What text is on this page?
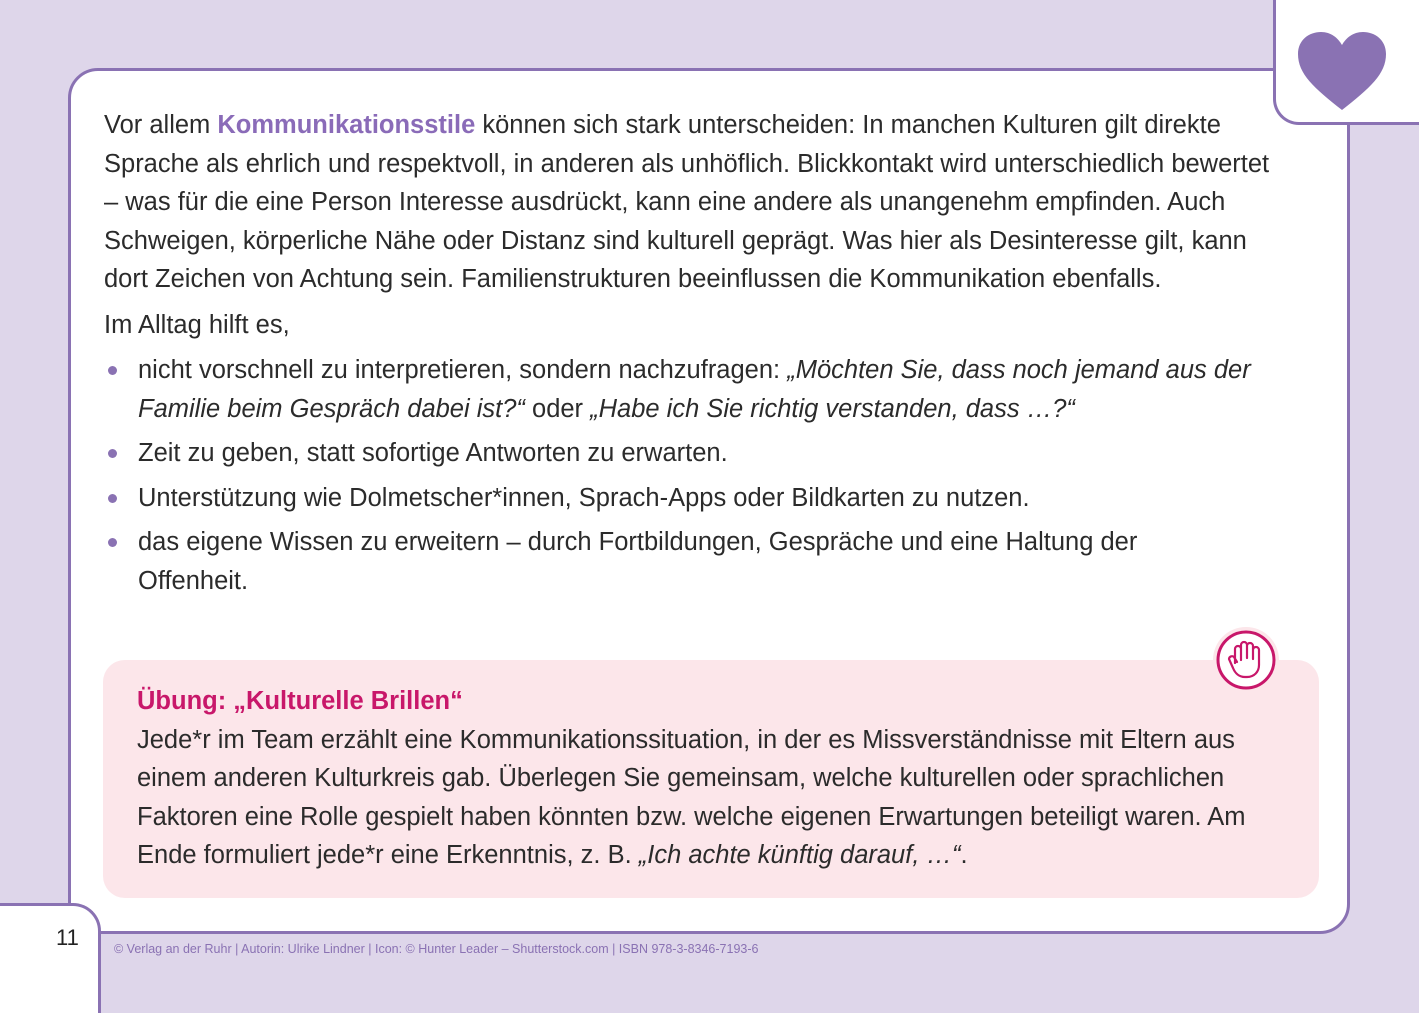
Vor allem Kommunikationsstile können sich stark unterscheiden: In manchen Kulturen gilt direkte Sprache als ehrlich und respektvoll, in anderen als unhöflich. Blickkontakt wird unterschiedlich bewertet – was für die eine Person Interesse ausdrückt, kann eine andere als unangenehm empfinden. Auch Schweigen, körperliche Nähe oder Distanz sind kulturell geprägt. Was hier als Desinteresse gilt, kann dort Zeichen von Achtung sein. Familienstrukturen beeinflussen die Kommunikation ebenfalls.

Im Alltag hilft es,

nicht vorschnell zu interpretieren, sondern nachzufragen: „Möchten Sie, dass noch jemand aus der Familie beim Gespräch dabei ist?“ oder „Habe ich Sie richtig verstanden, dass …?“
Zeit zu geben, statt sofortige Antworten zu erwarten.
Unterstützung wie Dolmetscher*innen, Sprach-Apps oder Bildkarten zu nutzen.
das eigene Wissen zu erweitern – durch Fortbildungen, Gespräche und eine Haltung der Offenheit.
Übung: „Kulturelle Brillen“
Jede*r im Team erzählt eine Kommunikationssituation, in der es Missverständnisse mit Eltern aus einem anderen Kulturkreis gab. Überlegen Sie gemeinsam, welche kulturellen oder sprachlichen Faktoren eine Rolle gespielt haben könnten bzw. welche eigenen Erwartungen beteiligt waren. Am Ende formuliert jede*r eine Erkenntnis, z. B. „Ich achte künftig darauf, …“.
11	© Verlag an der Ruhr | Autorin: Ulrike Lindner | Icon: © Hunter Leader – Shutterstock.com | ISBN 978-3-8346-7193-6
